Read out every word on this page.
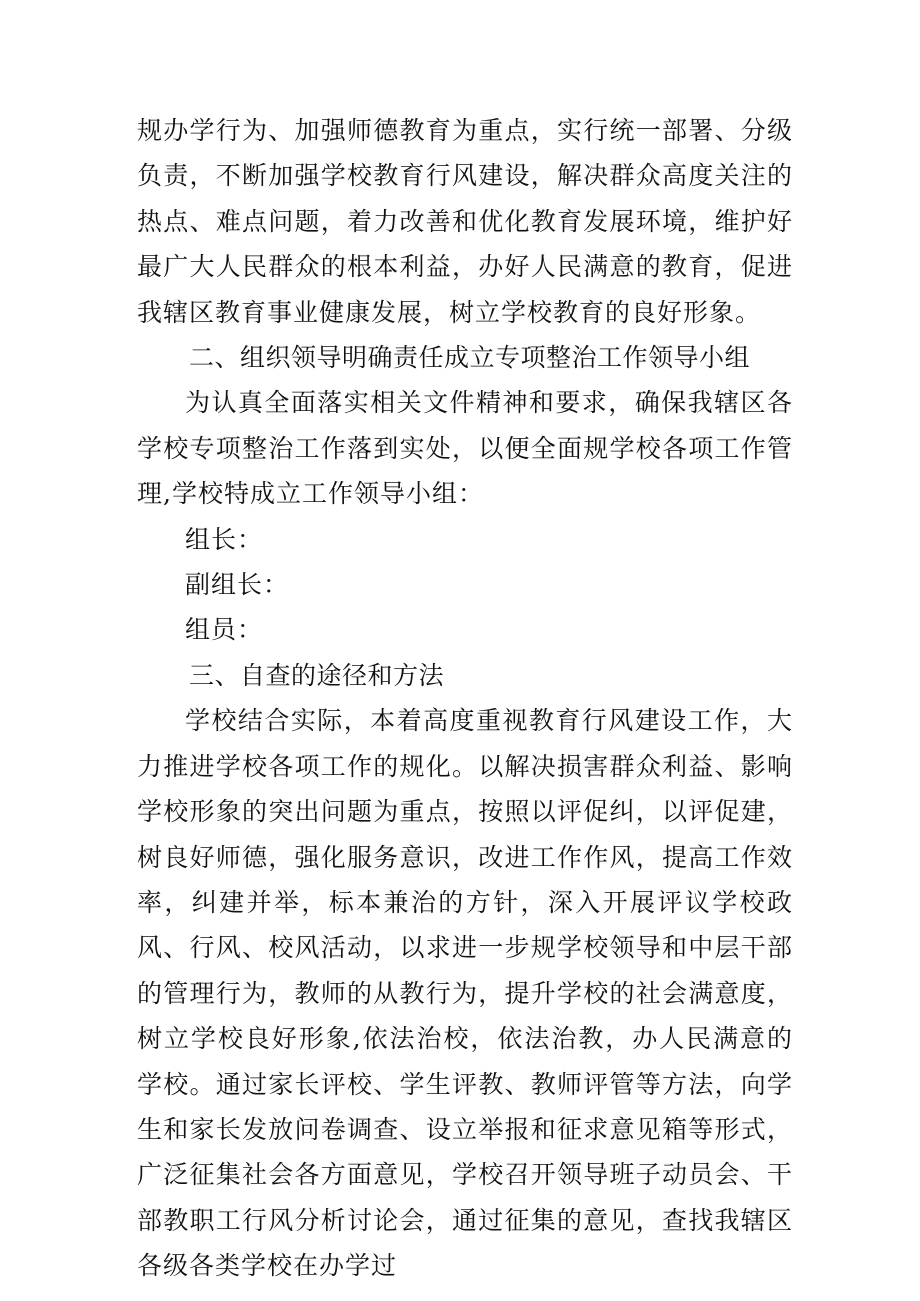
规办学行为、加强师德教育为重点，实行统一部署、分级负责，不断加强学校教育行风建设，解决群众高度关注的热点、难点问题，着力改善和优化教育发展环境，维护好最广大人民群众的根本利益，办好人民满意的教育，促进我辖区教育事业健康发展，树立学校教育的良好形象。

二、组织领导明确责任成立专项整治工作领导小组

为认真全面落实相关文件精神和要求，确保我辖区各学校专项整治工作落到实处，以便全面规学校各项工作管理,学校特成立工作领导小组：

组长：

副组长：

组员：

三、自查的途径和方法

学校结合实际，本着高度重视教育行风建设工作，大力推进学校各项工作的规化。以解决损害群众利益、影响学校形象的突出问题为重点，按照以评促纠，以评促建，树良好师德，强化服务意识，改进工作作风，提高工作效率，纠建并举，标本兼治的方针，深入开展评议学校政风、行风、校风活动，以求进一步规学校领导和中层干部的管理行为，教师的从教行为，提升学校的社会满意度，树立学校良好形象,依法治校，依法治教，办人民满意的学校。通过家长评校、学生评教、教师评管等方法，向学生和家长发放问卷调查、设立举报和征求意见箱等形式，广泛征集社会各方面意见，学校召开领导班子动员会、干部教职工行风分析讨论会，通过征集的意见，查找我辖区各级各类学校在办学过
